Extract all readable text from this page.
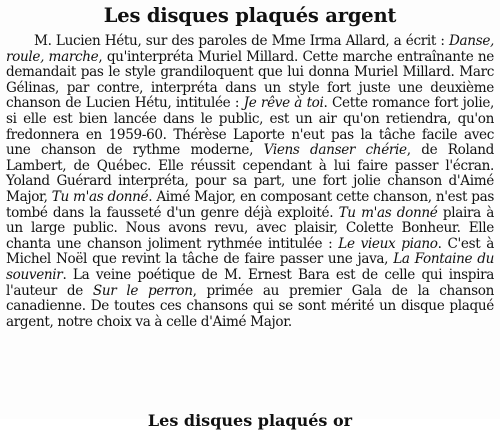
Les disques plaqués argent

M. Lucien Hétu, sur des paroles de Mme Irma Allard, a écrit : Danse, roule, marche, qu'interpréta Muriel Millard. Cette marche entraînante ne demandait pas le style grandiloquent que lui donna Muriel Millard. Marc Gélinas, par contre, interpréta dans un style fort juste une deuxième chanson de Lucien Hétu, intitulée : Je rêve à toi. Cette romance fort jolie, si elle est bien lancée dans le public, est un air qu'on retiendra, qu'on fredonnera en 1959-60. Thérèse Laporte n'eut pas la tâche facile avec une chanson de rythme moderne, Viens danser chérie, de Roland Lambert, de Québec. Elle réussit cependant à lui faire passer l'écran. Yoland Guérard interpréta, pour sa part, une fort jolie chanson d'Aimé Major, Tu m'as donné. Aimé Major, en composant cette chanson, n'est pas tombé dans la fausseté d'un genre déjà exploité. Tu m'as donné plaira à un large public. Nous avons revu, avec plaisir, Colette Bonheur. Elle chanta une chanson joliment rythmée intitulée : Le vieux piano. C'est à Michel Noël que revint la tâche de faire passer une java, La Fontaine du souvenir. La veine poétique de M. Ernest Bara est de celle qui inspira l'auteur de Sur le perron, primée au premier Gala de la chanson canadienne. De toutes ces chansons qui se sont mérité un disque plaqué argent, notre choix va à celle d'Aimé Major.

Les disques plaqués or
